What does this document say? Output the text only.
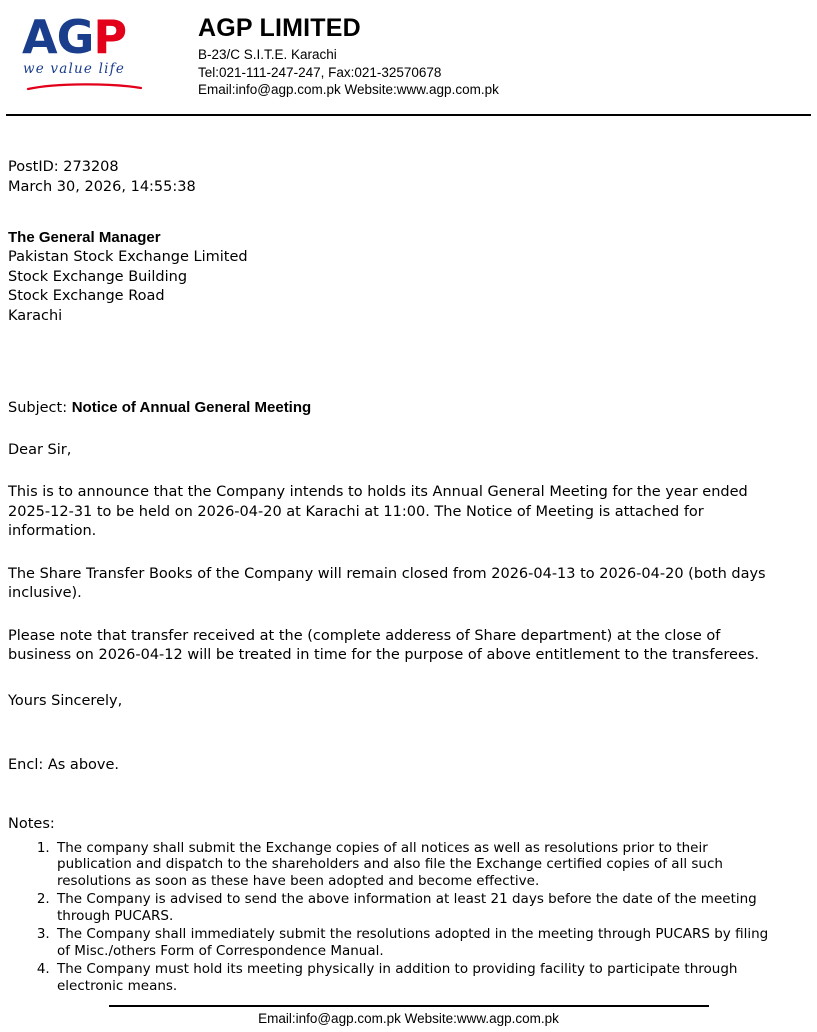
AGP
we value life
AGP LIMITED
B-23/C S.I.T.E. Karachi
Tel:021-111-247-247, Fax:021-32570678
Email:info@agp.com.pk Website:www.agp.com.pk
PostID: 273208
March 30, 2026, 14:55:38
The General Manager
Pakistan Stock Exchange Limited
Stock Exchange Building
Stock Exchange Road
Karachi
Subject: Notice of Annual General Meeting
Dear Sir,

This is to announce that the Company intends to holds its Annual General Meeting for the year ended 2025-12-31 to be held on 2026-04-20 at Karachi at 11:00. The Notice of Meeting is attached for information.

The Share Transfer Books of the Company will remain closed from 2026-04-13 to 2026-04-20 (both days inclusive).

Please note that transfer received at the (complete adderess of Share department) at the close of business on 2026-04-12 will be treated in time for the purpose of above entitlement to the transferees.

Yours Sincerely,
Encl: As above.
Notes:
1. The company shall submit the Exchange copies of all notices as well as resolutions prior to their publication and dispatch to the shareholders and also file the Exchange certified copies of all such resolutions as soon as these have been adopted and become effective.
2. The Company is advised to send the above information at least 21 days before the date of the meeting through PUCARS.
3. The Company shall immediately submit the resolutions adopted in the meeting through PUCARS by filing of Misc./others Form of Correspondence Manual.
4. The Company must hold its meeting physically in addition to providing facility to participate through electronic means.
Email:info@agp.com.pk Website:www.agp.com.pk
